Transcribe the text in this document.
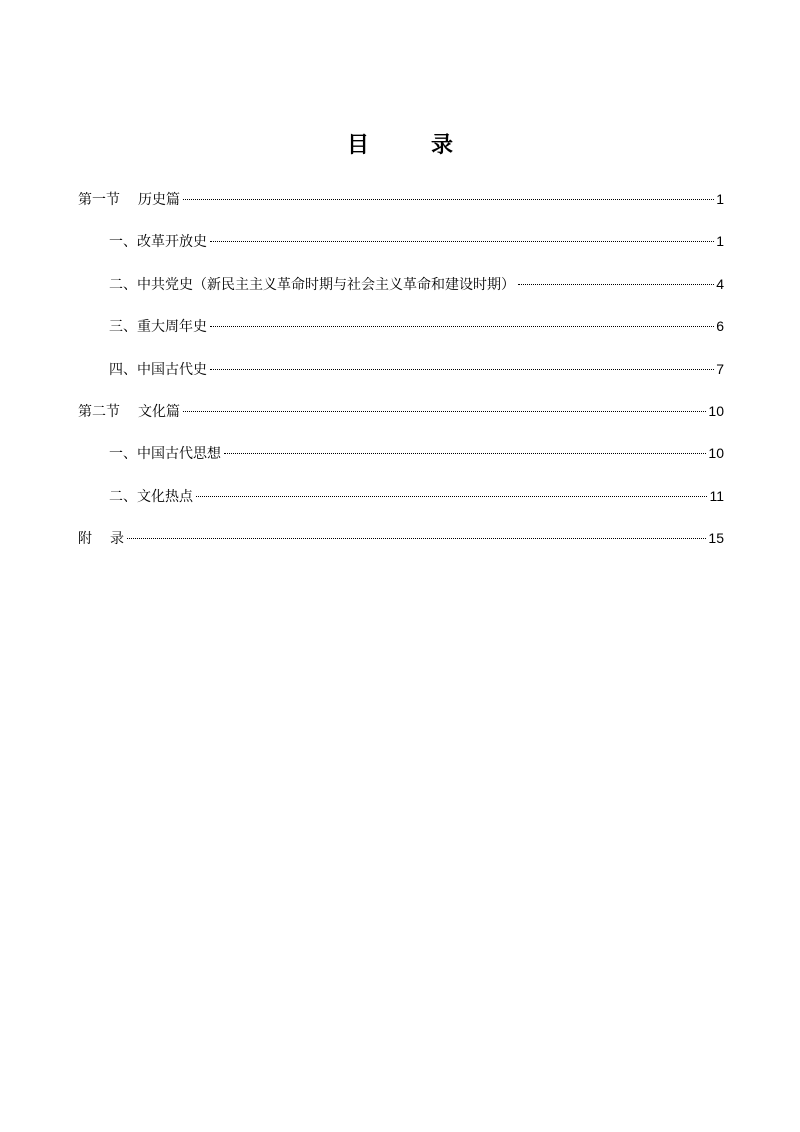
目　录
第一节 历史篇	1
一、改革开放史	1
二、中共党史（新民主主义革命时期与社会主义革命和建设时期）	4
三、重大周年史	6
四、中国古代史	7
第二节 文化篇	10
一、中国古代思想	10
二、文化热点	11
附 录	15
